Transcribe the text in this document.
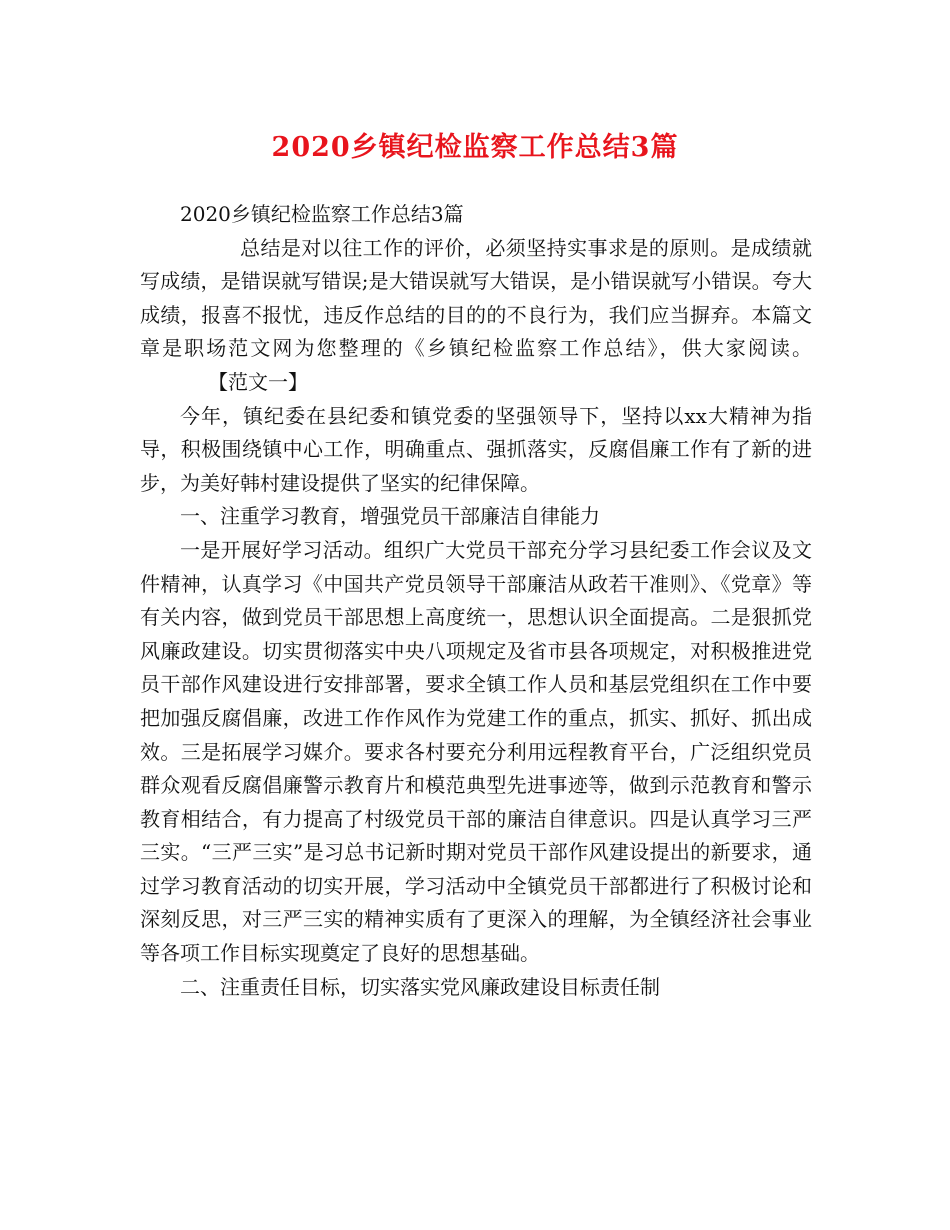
2020乡镇纪检监察工作总结3篇

2020乡镇纪检监察工作总结3篇

总结是对以往工作的评价，必须坚持实事求是的原则。是成绩就写成绩，是错误就写错误;是大错误就写大错误，是小错误就写小错误。夸大成绩，报喜不报忧，违反作总结的目的的不良行为，我们应当摒弃。本篇文章是职场范文网为您整理的《乡镇纪检监察工作总结》，供大家阅读。【范文一】

今年，镇纪委在县纪委和镇党委的坚强领导下，坚持以xx大精神为指导，积极围绕镇中心工作，明确重点、强抓落实，反腐倡廉工作有了新的进步，为美好韩村建设提供了坚实的纪律保障。

一、注重学习教育，增强党员干部廉洁自律能力

一是开展好学习活动。组织广大党员干部充分学习县纪委工作会议及文件精神，认真学习《中国共产党员领导干部廉洁从政若干准则》、《党章》等有关内容，做到党员干部思想上高度统一，思想认识全面提高。二是狠抓党风廉政建设。切实贯彻落实中央八项规定及省市县各项规定，对积极推进党员干部作风建设进行安排部署，要求全镇工作人员和基层党组织在工作中要把加强反腐倡廉，改进工作作风作为党建工作的重点，抓实、抓好、抓出成效。三是拓展学习媒介。要求各村要充分利用远程教育平台，广泛组织党员群众观看反腐倡廉警示教育片和模范典型先进事迹等，做到示范教育和警示教育相结合，有力提高了村级党员干部的廉洁自律意识。四是认真学习三严三实。“三严三实”是习总书记新时期对党员干部作风建设提出的新要求，通过学习教育活动的切实开展，学习活动中全镇党员干部都进行了积极讨论和深刻反思，对三严三实的精神实质有了更深入的理解，为全镇经济社会事业等各项工作目标实现奠定了良好的思想基础。

二、注重责任目标，切实落实党风廉政建设目标责任制
